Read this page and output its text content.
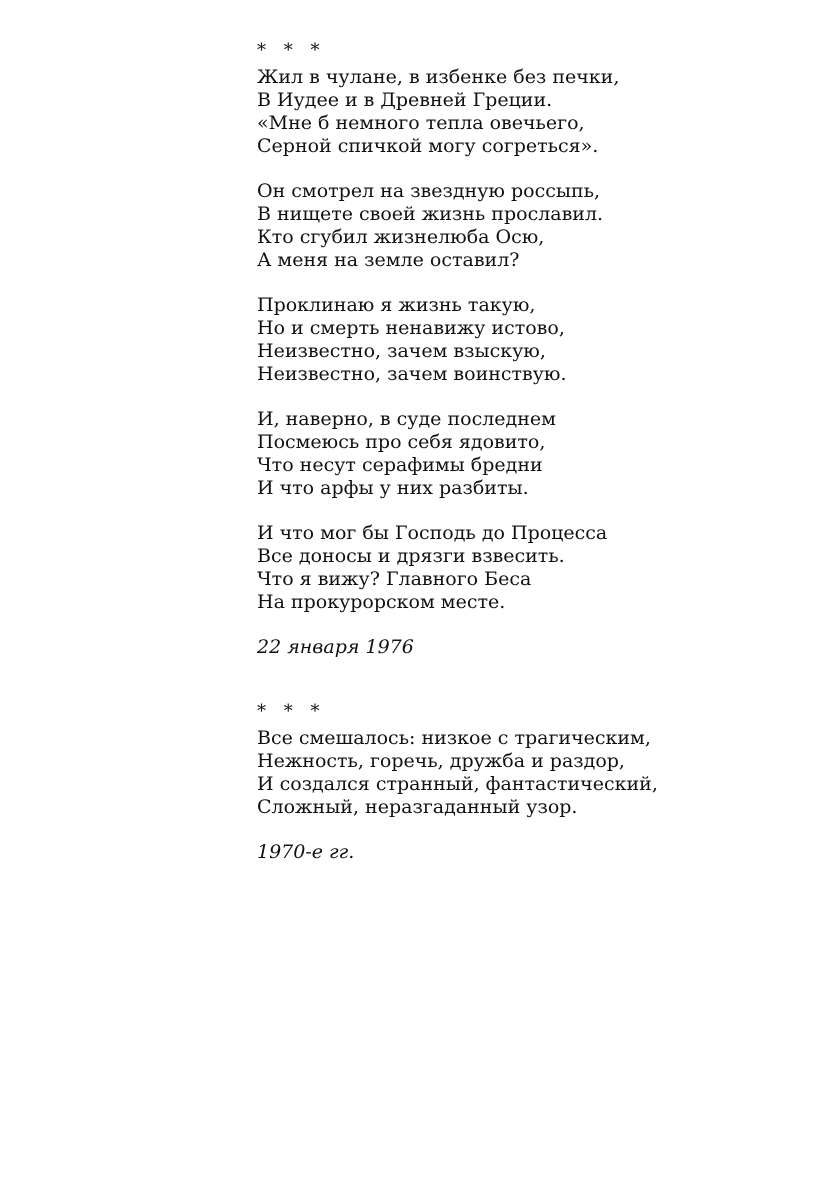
* * *
Жил в чулане, в избенке без печки,
В Иудее и в Древней Греции.
«Мне б немного тепла овечьего,
Серной спичкой могу согреться».
Он смотрел на звездную россыпь,
В нищете своей жизнь прославил.
Кто сгубил жизнелюба Осю,
А меня на земле оставил?
Проклинаю я жизнь такую,
Но и смерть ненавижу истово,
Неизвестно, зачем взыскую,
Неизвестно, зачем воинствую.
И, наверно, в суде последнем
Посмеюсь про себя ядовито,
Что несут серафимы бредни
И что арфы у них разбиты.
И что мог бы Господь до Процесса
Все доносы и дрязги взвесить.
Что я вижу? Главного Беса
На прокурорском месте.
22 января 1976
* * *
Все смешалось: низкое с трагическим,
Нежность, горечь, дружба и раздор,
И создался странный, фантастический,
Сложный, неразгаданный узор.
1970-е гг.
